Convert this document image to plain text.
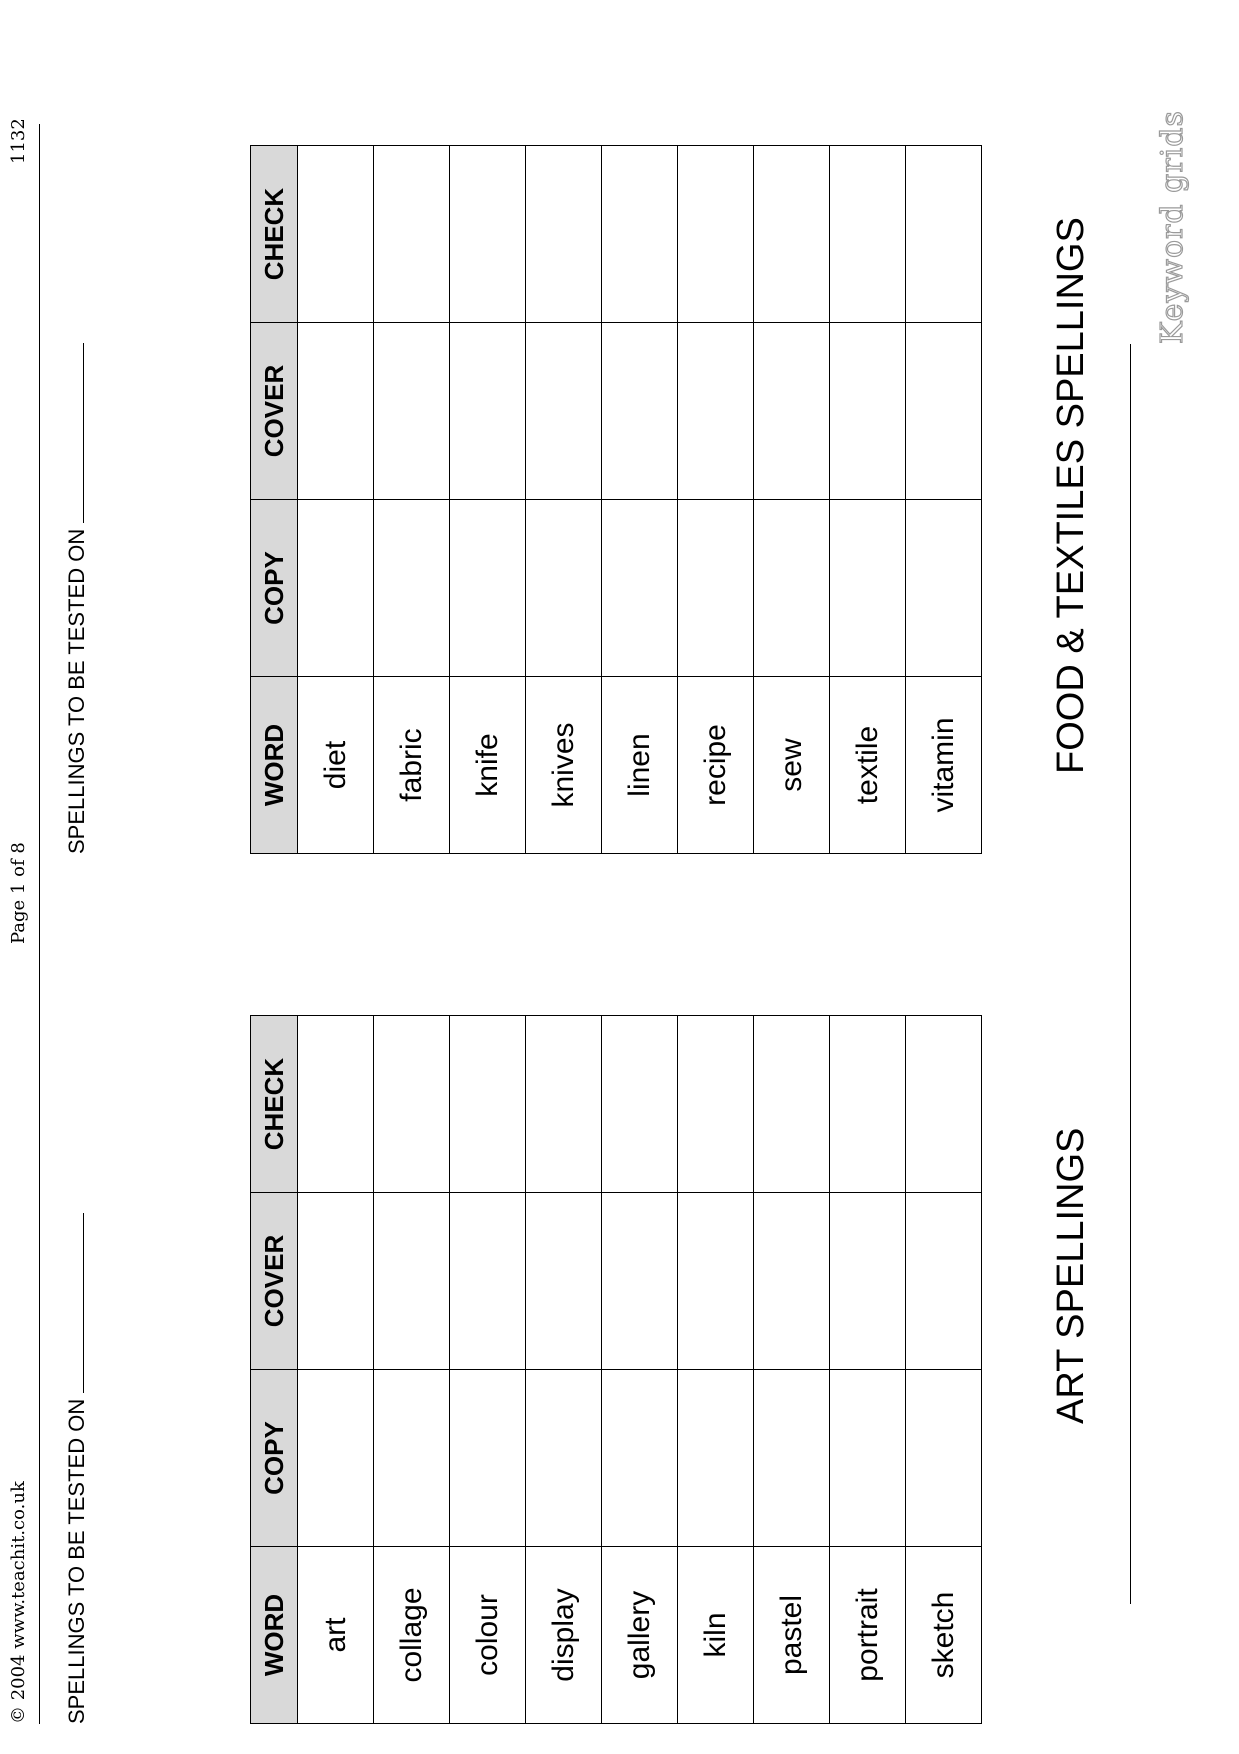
Keyword grids
ART SPELLINGS
FOOD & TEXTILES SPELLINGS
WORD	COPY	COVER	CHECK
art			
collage			
colour			
display			
gallery			
kiln			
pastel			
portrait			
sketch			
WORD	COPY	COVER	CHECK
diet			
fabric			
knife			
knives			
linen			
recipe			
sew			
textile			
vitamin			
SPELLINGS TO BE TESTED ON
SPELLINGS TO BE TESTED ON
© 2004 www.teachit.co.uk
Page 1 of 8
1132
